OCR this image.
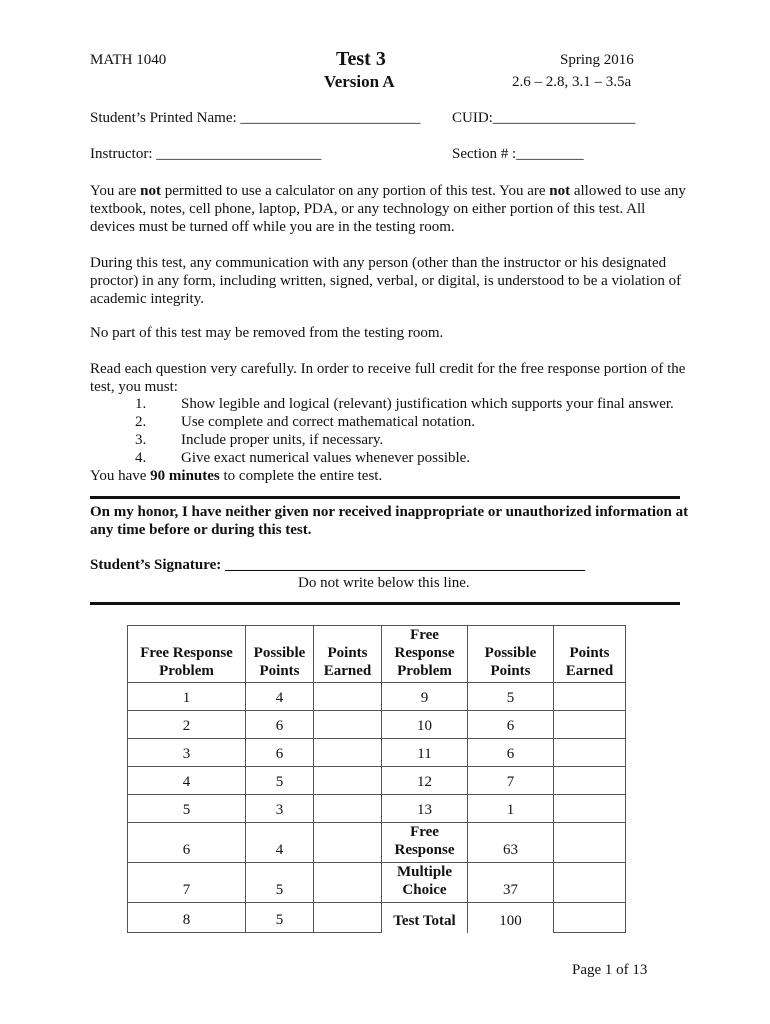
MATH 1040	Test 3
Version A
Spring 2016
2.6 – 2.8, 3.1 – 3.5a
Student’s Printed Name: ________________________ CUID:___________________
Instructor: ______________________	Section # :_________
You are not permitted to use a calculator on any portion of this test. You are not allowed to use any textbook, notes, cell phone, laptop, PDA, or any technology on either portion of this test. All devices must be turned off while you are in the testing room.
During this test, any communication with any person (other than the instructor or his designated proctor) in any form, including written, signed, verbal, or digital, is understood to be a violation of academic integrity.
No part of this test may be removed from the testing room.
Read each question very carefully. In order to receive full credit for the free response portion of the test, you must:
1. Show legible and logical (relevant) justification which supports your final answer.
2. Use complete and correct mathematical notation.
3. Include proper units, if necessary.
4. Give exact numerical values whenever possible.
You have 90 minutes to complete the entire test.
On my honor, I have neither given nor received inappropriate or unauthorized information at any time before or during this test.
Student’s Signature: ________________________________________________
Do not write below this line.
Free Response Problem	Possible Points	Points Earned	Free Response Problem	Possible Points	Points Earned
1	4		9	5	
2	6		10	6	
3	6		11	6	
4	5		12	7	
5	3		13	1	
6	4		Free Response	63	
7	5		Multiple Choice	37	
8	5		Test Total	100	
Page 1 of 13
